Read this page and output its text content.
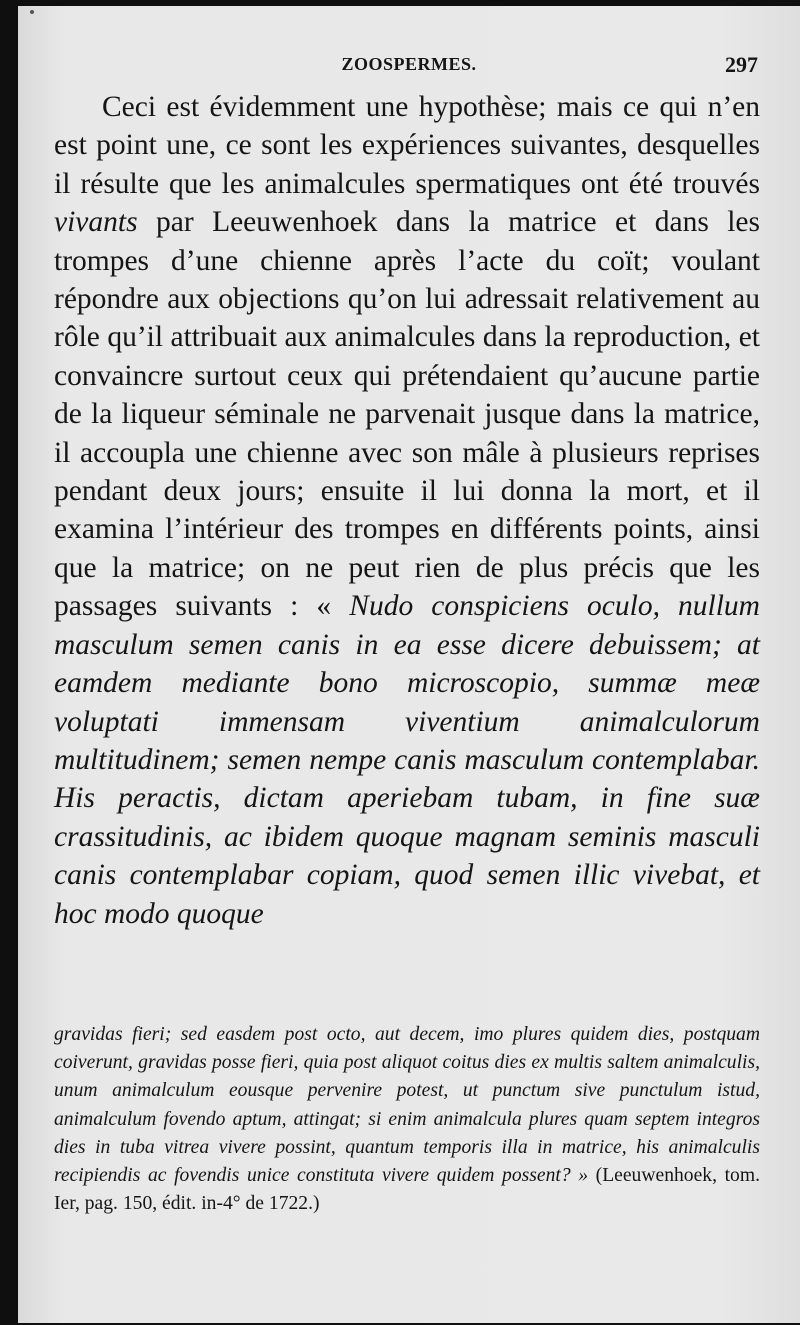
ZOOSPERMES.	297

Ceci est évidemment une hypothèse; mais ce qui n’en est point une, ce sont les expériences suivantes, desquelles il résulte que les animalcules spermatiques ont été trouvés vivants par Leeuwenhoek dans la matrice et dans les trompes d’une chienne après l’acte du coït; voulant répondre aux objections qu’on lui adressait relativement au rôle qu’il attribuait aux animalcules dans la reproduction, et convaincre surtout ceux qui prétendaient qu’aucune partie de la liqueur séminale ne parvenait jusque dans la matrice, il accoupla une chienne avec son mâle à plusieurs reprises pendant deux jours; ensuite il lui donna la mort, et il examina l’intérieur des trompes en différents points, ainsi que la matrice; on ne peut rien de plus précis que les passages suivants : « Nudo conspiciens oculo, nullum masculum semen canis in ea esse dicere debuissem; at eamdem mediante bono microscopio, summæ meæ voluptati immensam viventium animalculorum multitudinem; semen nempe canis masculum contemplabar. His peractis, dictam aperiebam tubam, in fine suæ crassitudinis, ac ibidem quoque magnam seminis masculi canis contemplabar copiam, quod semen illic vivebat, et hoc modo quoque

gravidas fieri; sed easdem post octo, aut decem, imo plures quidem dies, postquam coiverunt, gravidas posse fieri, quia post aliquot coitus dies ex multis saltem animalculis, unum animalculum eousque pervenire potest, ut punctum sive punctulum istud, animalculum fovendo aptum, attingat; si enim animalcula plures quam septem integros dies in tuba vitrea vivere possint, quantum temporis illa in matrice, his animalculis recipiendis ac fovendis unice constituta vivere quidem possent? » (Leeuwenhoek, tom. Ier, pag. 150, édit. in-4° de 1722.)
